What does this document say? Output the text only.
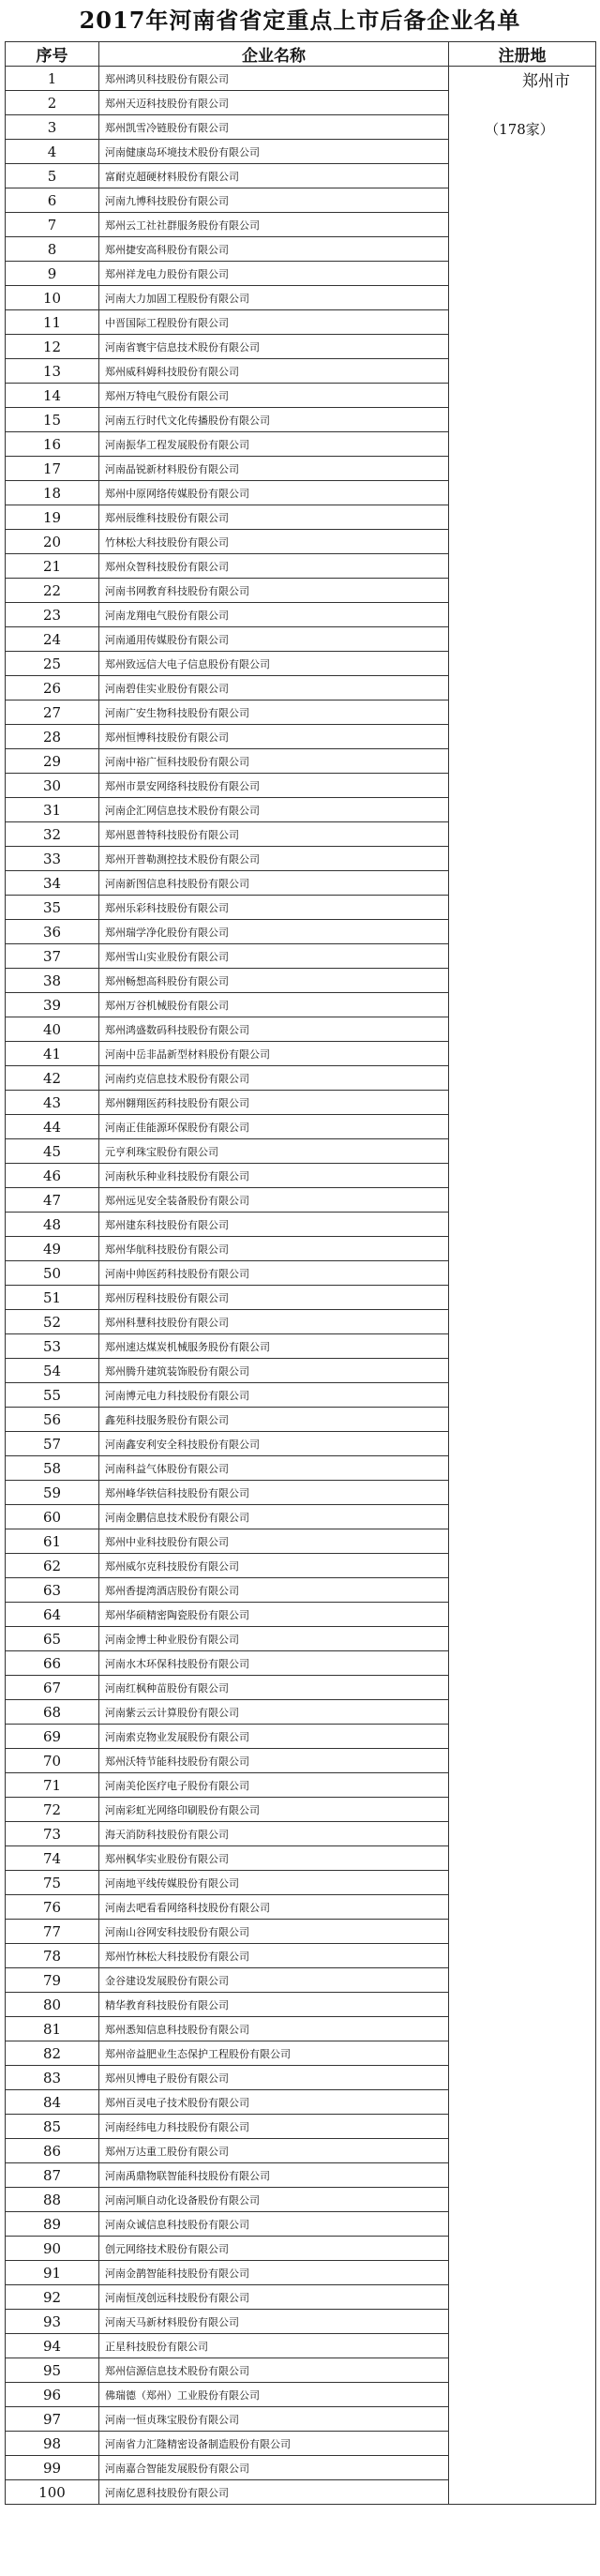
2017年河南省省定重点上市后备企业名单
序号	企业名称	注册地
1	郑州鸿贝科技股份有限公司	郑州市
（178家）

2	郑州天迈科技股份有限公司	
3	郑州凯雪冷链股份有限公司	
4	河南健康岛环境技术股份有限公司	
5	富耐克超硬材料股份有限公司	
6	河南九博科技股份有限公司	
7	郑州云工社社群服务股份有限公司	
8	郑州捷安高科股份有限公司	
9	郑州祥龙电力股份有限公司	
10	河南大力加固工程股份有限公司	
11	中晋国际工程股份有限公司	
12	河南省寰宇信息技术股份有限公司	
13	郑州威科姆科技股份有限公司	
14	郑州万特电气股份有限公司	
15	河南五行时代文化传播股份有限公司	
16	河南振华工程发展股份有限公司	
17	河南晶锐新材料股份有限公司	
18	郑州中原网络传媒股份有限公司	
19	郑州辰维科技股份有限公司	
20	竹林松大科技股份有限公司	
21	郑州众智科技股份有限公司	
22	河南书网教育科技股份有限公司	
23	河南龙翔电气股份有限公司	
24	河南通用传媒股份有限公司	
25	郑州致远信大电子信息股份有限公司	
26	河南碧佳实业股份有限公司	
27	河南广安生物科技股份有限公司	
28	郑州恒博科技股份有限公司	
29	河南中裕广恒科技股份有限公司	
30	郑州市景安网络科技股份有限公司	
31	河南企汇网信息技术股份有限公司	
32	郑州恩普特科技股份有限公司	
33	郑州开普勒测控技术股份有限公司	
34	河南新图信息科技股份有限公司	
35	郑州乐彩科技股份有限公司	
36	郑州瑞学净化股份有限公司	
37	郑州雪山实业股份有限公司	
38	郑州畅想高科股份有限公司	
39	郑州万谷机械股份有限公司	
40	郑州鸿盛数码科技股份有限公司	
41	河南中岳非晶新型材料股份有限公司	
42	河南约克信息技术股份有限公司	
43	郑州翱翔医药科技股份有限公司	
44	河南正佳能源环保股份有限公司	
45	元亨利珠宝股份有限公司	
46	河南秋乐种业科技股份有限公司	
47	郑州远见安全装备股份有限公司	
48	郑州建东科技股份有限公司	
49	郑州华航科技股份有限公司	
50	河南中帅医药科技股份有限公司	
51	郑州厉程科技股份有限公司	
52	郑州科慧科技股份有限公司	
53	郑州速达煤炭机械服务股份有限公司	
54	郑州腾升建筑装饰股份有限公司	
55	河南博元电力科技股份有限公司	
56	鑫苑科技服务股份有限公司	
57	河南鑫安利安全科技股份有限公司	
58	河南科益气体股份有限公司	
59	郑州峰华铁信科技股份有限公司	
60	河南金鹏信息技术股份有限公司	
61	郑州中业科技股份有限公司	
62	郑州威尔克科技股份有限公司	
63	郑州香提湾酒店股份有限公司	
64	郑州华硕精密陶瓷股份有限公司	
65	河南金博士种业股份有限公司	
66	河南水木环保科技股份有限公司	
67	河南红枫种苗股份有限公司	
68	河南紫云云计算股份有限公司	
69	河南索克物业发展股份有限公司	
70	郑州沃特节能科技股份有限公司	
71	河南美伦医疗电子股份有限公司	
72	河南彩虹光网络印刷股份有限公司	
73	海天消防科技股份有限公司	
74	郑州枫华实业股份有限公司	
75	河南地平线传媒股份有限公司	
76	河南去吧看看网络科技股份有限公司	
77	河南山谷网安科技股份有限公司	
78	郑州竹林松大科技股份有限公司	
79	金谷建设发展股份有限公司	
80	精华教育科技股份有限公司	
81	郑州悉知信息科技股份有限公司	
82	郑州帝益肥业生态保护工程股份有限公司	
83	郑州贝博电子股份有限公司	
84	郑州百灵电子技术股份有限公司	
85	河南经纬电力科技股份有限公司	
86	郑州万达重工股份有限公司	
87	河南禹鼎物联智能科技股份有限公司	
88	河南河顺自动化设备股份有限公司	
89	河南众诚信息科技股份有限公司	
90	创元网络技术股份有限公司	
91	河南金鹊智能科技股份有限公司	
92	河南恒茂创远科技股份有限公司	
93	河南天马新材料股份有限公司	
94	正星科技股份有限公司	
95	郑州信源信息技术股份有限公司	
96	佛瑞德（郑州）工业股份有限公司	
97	河南一恒贞珠宝股份有限公司	
98	河南省力汇隆精密设备制造股份有限公司	
99	河南嘉合智能发展股份有限公司	
100	河南亿恩科技股份有限公司	
